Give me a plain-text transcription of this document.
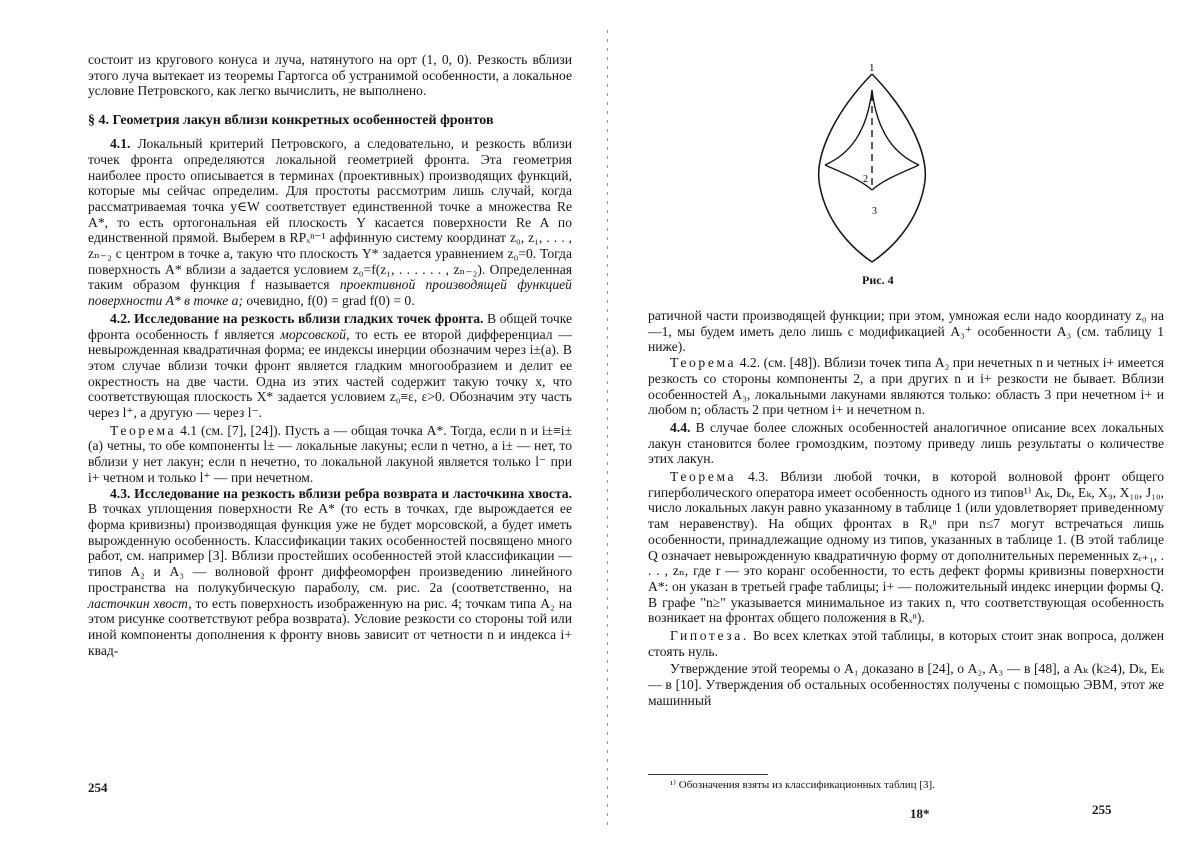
состоит из кругового конуса и луча, натянутого на орт (1, 0, 0). Резкость вблизи этого луча вытекает из теоремы Гартогса об устранимой особенности, а локальное условие Петровского, как легко вычислить, не выполнено.

§ 4. Геометрия лакун вблизи конкретных особенностей фронтов

4.1. Локальный критерий Петровского, а следовательно, и резкость вблизи точек фронта определяются локальной геометрией фронта. Эта геометрия наиболее просто описывается в терминах (проективных) производящих функций, которые мы сейчас определим. Для простоты рассмотрим лишь случай, когда рассматриваемая точка y∈W соответствует единственной точке a множества Re A*, то есть ортогональная ей плоскость Y касается поверхности Re A по единственной прямой. Выберем в RPₓⁿ⁻¹ аффинную систему координат z₀, z₁, . . . , zₙ₋₂ с центром в точке a, такую что плоскость Y* задается уравнением z₀=0. Тогда поверхность A* вблизи a задается условием z₀=f(z₁, . . . . . . , zₙ₋₂). Определенная таким образом функция f называется проективной производящей функцией поверхности A* в точке a; очевидно, f(0) = grad f(0) = 0.

4.2. Исследование на резкость вблизи гладких точек фронта. В общей точке фронта особенность f является морсовской, то есть ее второй дифференциал — невырожденная квадратичная форма; ее индексы инерции обозначим через i±(a). В этом случае вблизи точки фронт является гладким многообразием и делит ее окрестность на две части. Одна из этих частей содержит такую точку x, что соответствующая плоскость X* задается условием z₀≡ε, ε>0. Обозначим эту часть через l⁺, а другую — через l⁻.

Теорема 4.1 (см. [7], [24]). Пусть a — общая точка A*. Тогда, если n и i±≡i±(a) четны, то обе компоненты l± — локальные лакуны; если n четно, а i± — нет, то вблизи y нет лакун; если n нечетно, то локальной лакуной является только l⁻ при i+ четном и только l⁺ — при нечетном.

4.3. Исследование на резкость вблизи ребра возврата и ласточкина хвоста. В точках уплощения поверхности Re A* (то есть в точках, где вырождается ее форма кривизны) производящая функция уже не будет морсовской, а будет иметь вырожденную особенность. Классификации таких особенностей посвящено много работ, см. например [3]. Вблизи простейших особенностей этой классификации — типов A₂ и A₃ — волновой фронт диффеоморфен произведению линейного пространства на полукубическую параболу, см. рис. 2а (соответственно, на ласточкин хвост, то есть поверхность изображенную на рис. 4; точкам типа A₂ на этом рисунке соответствуют ребра возврата). Условие резкости со стороны той или иной компоненты дополнения к фронту вновь зависит от четности n и индекса i+ квад-

254
1
2
3
Рис. 4

ратичной части производящей функции; при этом, умножая если надо координату z₀ на —1, мы будем иметь дело лишь с модификацией A₃⁺ особенности A₃ (см. таблицу 1 ниже).

Теорема 4.2. (см. [48]). Вблизи точек типа A₂ при нечетных n и четных i+ имеется резкость со стороны компоненты 2, а при других n и i+ резкости не бывает. Вблизи особенностей A₃, локальными лакунами являются только: область 3 при нечетном i+ и любом n; область 2 при четном i+ и нечетном n.

4.4. В случае более сложных особенностей аналогичное описание всех локальных лакун становится более громоздким, поэтому приведу лишь результаты о количестве этих лакун.

Теорема 4.3. Вблизи любой точки, в которой волновой фронт общего гиперболического оператора имеет особенность одного из типов¹⁾ Aₖ, Dₖ, Eₖ, X₉, X₁₀, J₁₀, число локальных лакун равно указанному в таблице 1 (или удовлетворяет приведенному там неравенству). На общих фронтах в Rₓⁿ при n≤7 могут встречаться лишь особенности, принадлежащие одному из типов, указанных в таблице 1. (В этой таблице Q означает невырожденную квадратичную форму от дополнительных переменных zᵣ₊₁, . . . , zₙ, где r — это коранг особенности, то есть дефект формы кривизны поверхности A*: он указан в третьей графе таблицы; i+ — положительный индекс инерции формы Q. В графе "n≥" указывается минимальное из таких n, что соответствующая особенность возникает на фронтах общего положения в Rₓⁿ).

Гипотеза. Во всех клетках этой таблицы, в которых стоит знак вопроса, должен стоять нуль.

Утверждение этой теоремы о A₁ доказано в [24], о A₂, A₃ — в [48], а Aₖ (k≥4), Dₖ, Eₖ — в [10]. Утверждения об остальных особенностях получены с помощью ЭВМ, этот же машинный

¹⁾ Обозначения взяты из классификационных таблиц [3].
18*	255
